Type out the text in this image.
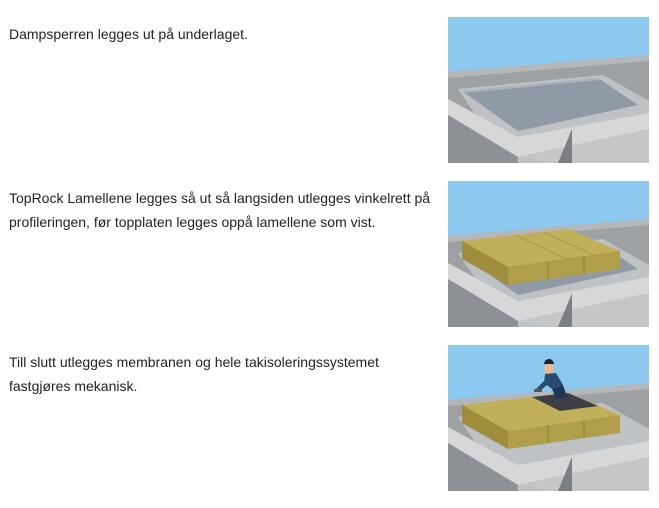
Dampsperren legges ut på underlaget.

TopRock Lamellene legges så ut så langsiden utlegges vinkelrett på profileringen, før topplaten legges oppå lamellene som vist.

Till slutt utlegges membranen og hele takisoleringssystemet fastgjøres mekanisk.
